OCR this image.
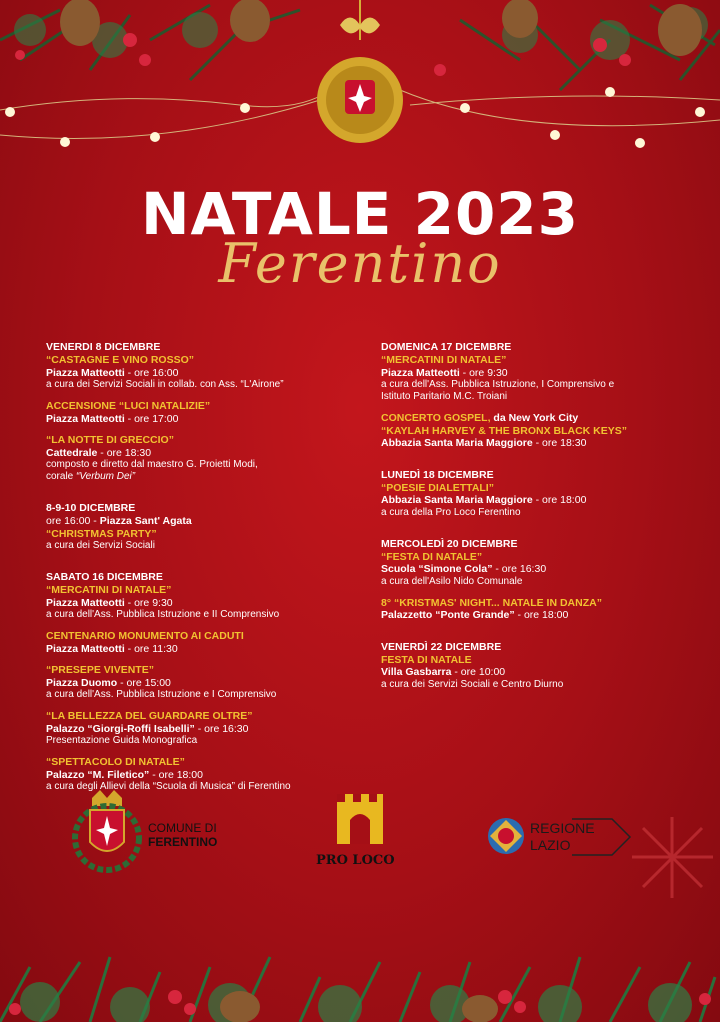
NATALE 2023
Ferentino
VENERDI 8 DICEMBRE
“CASTAGNE E VINO ROSSO”
Piazza Matteotti - ore 16:00
a cura dei Servizi Sociali in collab. con Ass. “L'Airone”
ACCENSIONE “LUCI NATALIZIE”
Piazza Matteotti - ore 17:00
“LA NOTTE DI GRECCIO”
Cattedrale - ore 18:30
composto e diretto dal maestro G. Proietti Modi,
corale “Verbum Dei”
8-9-10 DICEMBRE
ore 16:00 - Piazza Sant' Agata
“CHRISTMAS PARTY”
a cura dei Servizi Sociali
SABATO 16 DICEMBRE
“MERCATINI DI NATALE”
Piazza Matteotti - ore 9:30
a cura dell'Ass. Pubblica Istruzione e II Comprensivo
CENTENARIO MONUMENTO AI CADUTI
Piazza Matteotti - ore 11:30
“PRESEPE VIVENTE”
Piazza Duomo - ore 15:00
a cura dell'Ass. Pubblica Istruzione e I Comprensivo
“LA BELLEZZA DEL GUARDARE OLTRE”
Palazzo “Giorgi-Roffi Isabelli” - ore 16:30
Presentazione Guida Monografica
“SPETTACOLO DI NATALE”
Palazzo “M. Filetico” - ore 18:00
a cura degli Allievi della “Scuola di Musica” di Ferentino
DOMENICA 17 DICEMBRE
“MERCATINI DI NATALE”
Piazza Matteotti - ore 9:30
a cura dell'Ass. Pubblica Istruzione, I Comprensivo e
Istituto Paritario M.C. Troiani
CONCERTO GOSPEL, da New York City
“KAYLAH HARVEY & THE BRONX BLACK KEYS”
Abbazia Santa Maria Maggiore - ore 18:30
LUNEDÌ 18 DICEMBRE
“POESIE DIALETTALI”
Abbazia Santa Maria Maggiore - ore 18:00
a cura della Pro Loco Ferentino
MERCOLEDÌ 20 DICEMBRE
“FESTA DI NATALE”
Scuola “Simone Cola” - ore 16:30
a cura dell'Asilo Nido Comunale
8° “KRISTMAS' NIGHT... NATALE IN DANZA”
Palazzetto “Ponte Grande” - ore 18:00
VENERDÌ 22 DICEMBRE
FESTA DI NATALE
Villa Gasbarra - ore 10:00
a cura dei Servizi Sociali e Centro Diurno
COMUNE DI
FERENTINO
PRO LOCO
REGIONE
LAZIO
